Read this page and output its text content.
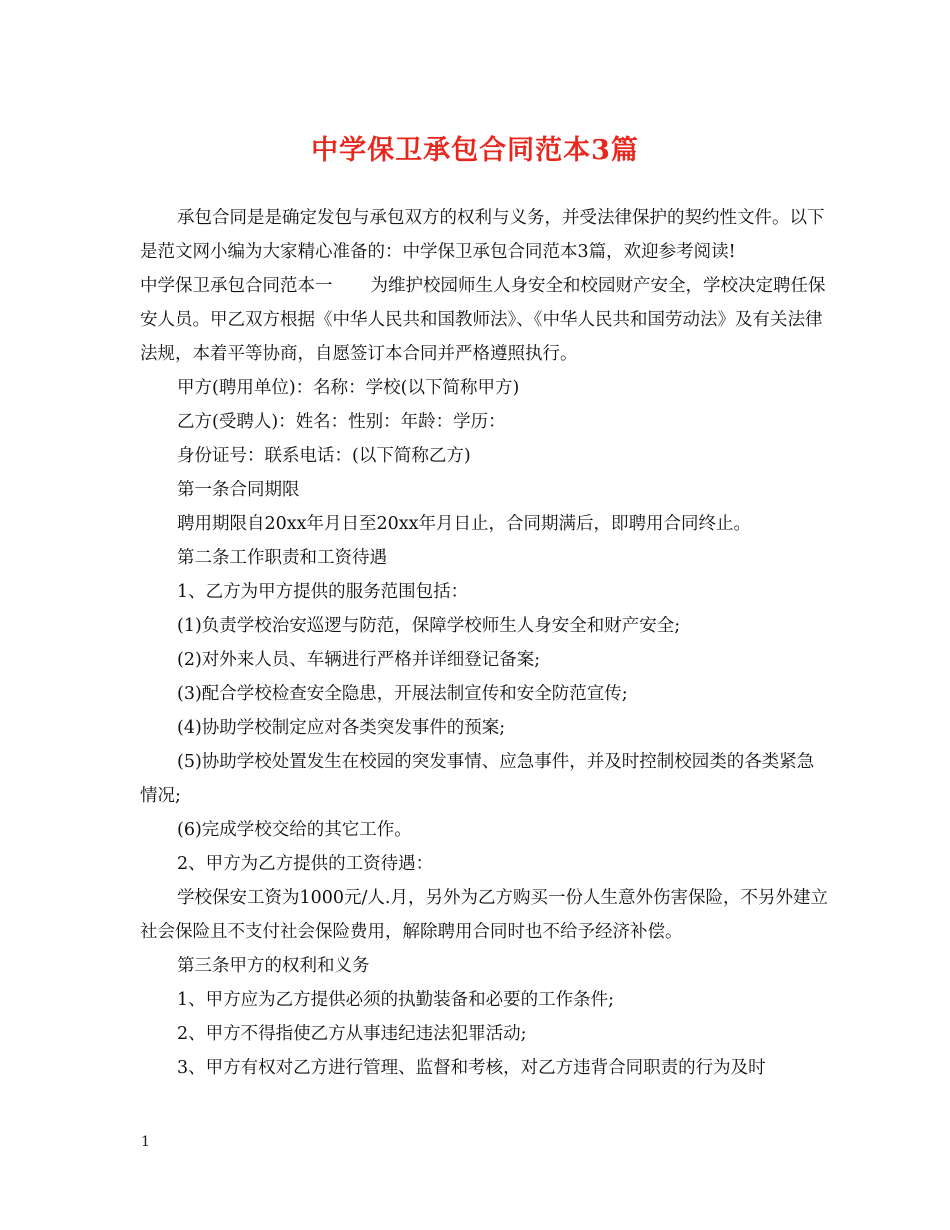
中学保卫承包合同范本3篇

承包合同是是确定发包与承包双方的权利与义务，并受法律保护的契约性文件。以下是范文网小编为大家精心准备的：中学保卫承包合同范本3篇，欢迎参考阅读!

中学保卫承包合同范本一 为维护校园师生人身安全和校园财产安全，学校决定聘任保安人员。甲乙双方根据《中华人民共和国教师法》、《中华人民共和国劳动法》及有关法律法规，本着平等协商，自愿签订本合同并严格遵照执行。

甲方(聘用单位)：名称：学校(以下简称甲方)

乙方(受聘人)：姓名：性别：年龄：学历：

身份证号：联系电话：(以下简称乙方)

第一条合同期限

聘用期限自20xx年月日至20xx年月日止，合同期满后，即聘用合同终止。

第二条工作职责和工资待遇

1、乙方为甲方提供的服务范围包括：

(1)负责学校治安巡逻与防范，保障学校师生人身安全和财产安全;

(2)对外来人员、车辆进行严格并详细登记备案;

(3)配合学校检查安全隐患，开展法制宣传和安全防范宣传;

(4)协助学校制定应对各类突发事件的预案;

(5)协助学校处置发生在校园的突发事情、应急事件，并及时控制校园类的各类紧急情况;

(6)完成学校交给的其它工作。

2、甲方为乙方提供的工资待遇：

学校保安工资为1000元/人.月，另外为乙方购买一份人生意外伤害保险，不另外建立社会保险且不支付社会保险费用，解除聘用合同时也不给予经济补偿。

第三条甲方的权利和义务

1、甲方应为乙方提供必须的执勤装备和必要的工作条件;

2、甲方不得指使乙方从事违纪违法犯罪活动;

3、甲方有权对乙方进行管理、监督和考核，对乙方违背合同职责的行为及时

1
